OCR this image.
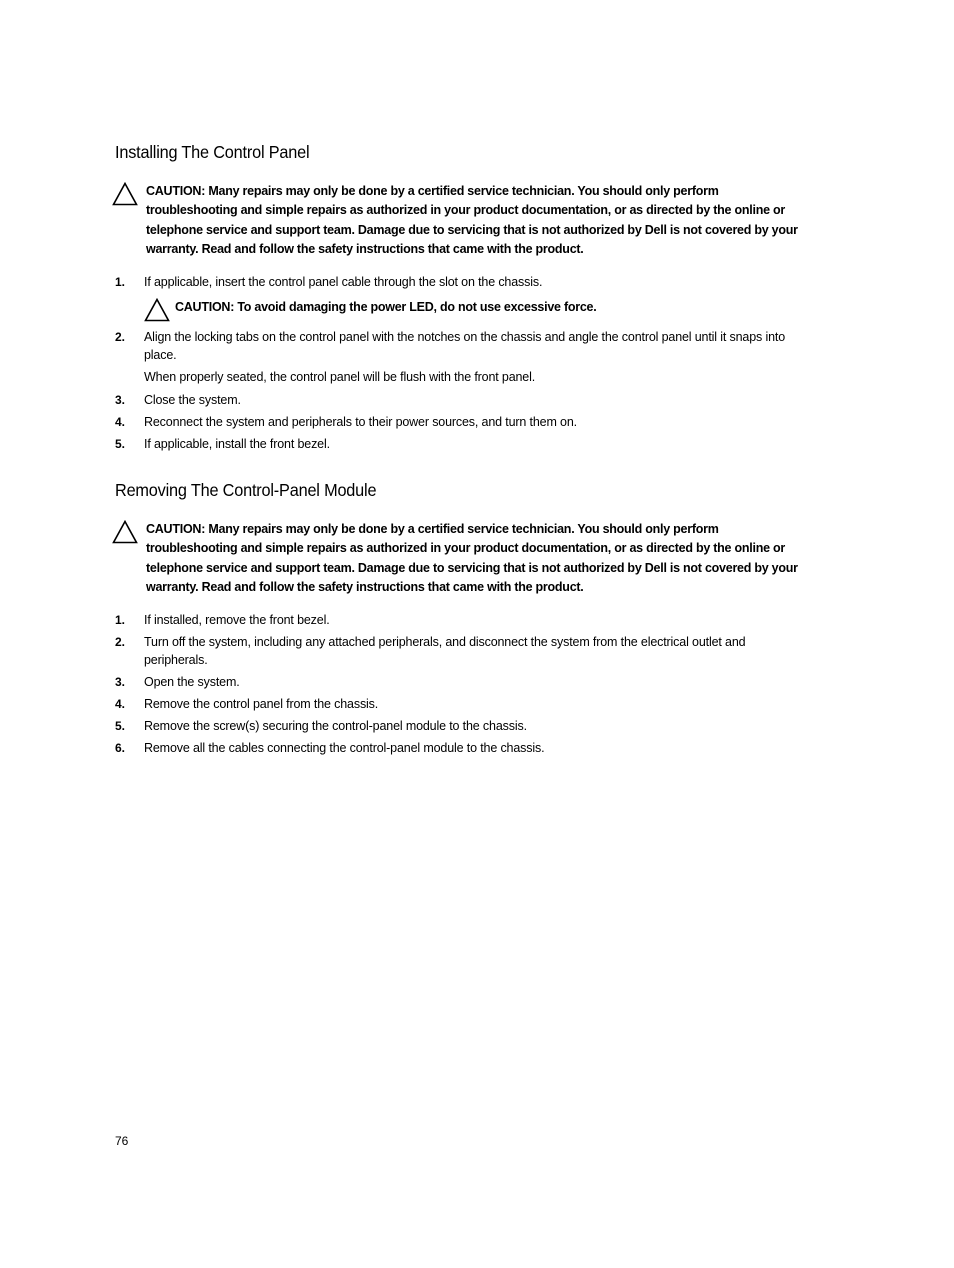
Installing The Control Panel
CAUTION: Many repairs may only be done by a certified service technician. You should only perform troubleshooting and simple repairs as authorized in your product documentation, or as directed by the online or telephone service and support team. Damage due to servicing that is not authorized by Dell is not covered by your warranty. Read and follow the safety instructions that came with the product.
1. If applicable, insert the control panel cable through the slot on the chassis.
CAUTION: To avoid damaging the power LED, do not use excessive force.
2. Align the locking tabs on the control panel with the notches on the chassis and angle the control panel until it snaps into place.
When properly seated, the control panel will be flush with the front panel.
3. Close the system.
4. Reconnect the system and peripherals to their power sources, and turn them on.
5. If applicable, install the front bezel.
Removing The Control-Panel Module
CAUTION: Many repairs may only be done by a certified service technician. You should only perform troubleshooting and simple repairs as authorized in your product documentation, or as directed by the online or telephone service and support team. Damage due to servicing that is not authorized by Dell is not covered by your warranty. Read and follow the safety instructions that came with the product.
1. If installed, remove the front bezel.
2. Turn off the system, including any attached peripherals, and disconnect the system from the electrical outlet and peripherals.
3. Open the system.
4. Remove the control panel from the chassis.
5. Remove the screw(s) securing the control-panel module to the chassis.
6. Remove all the cables connecting the control-panel module to the chassis.
76
